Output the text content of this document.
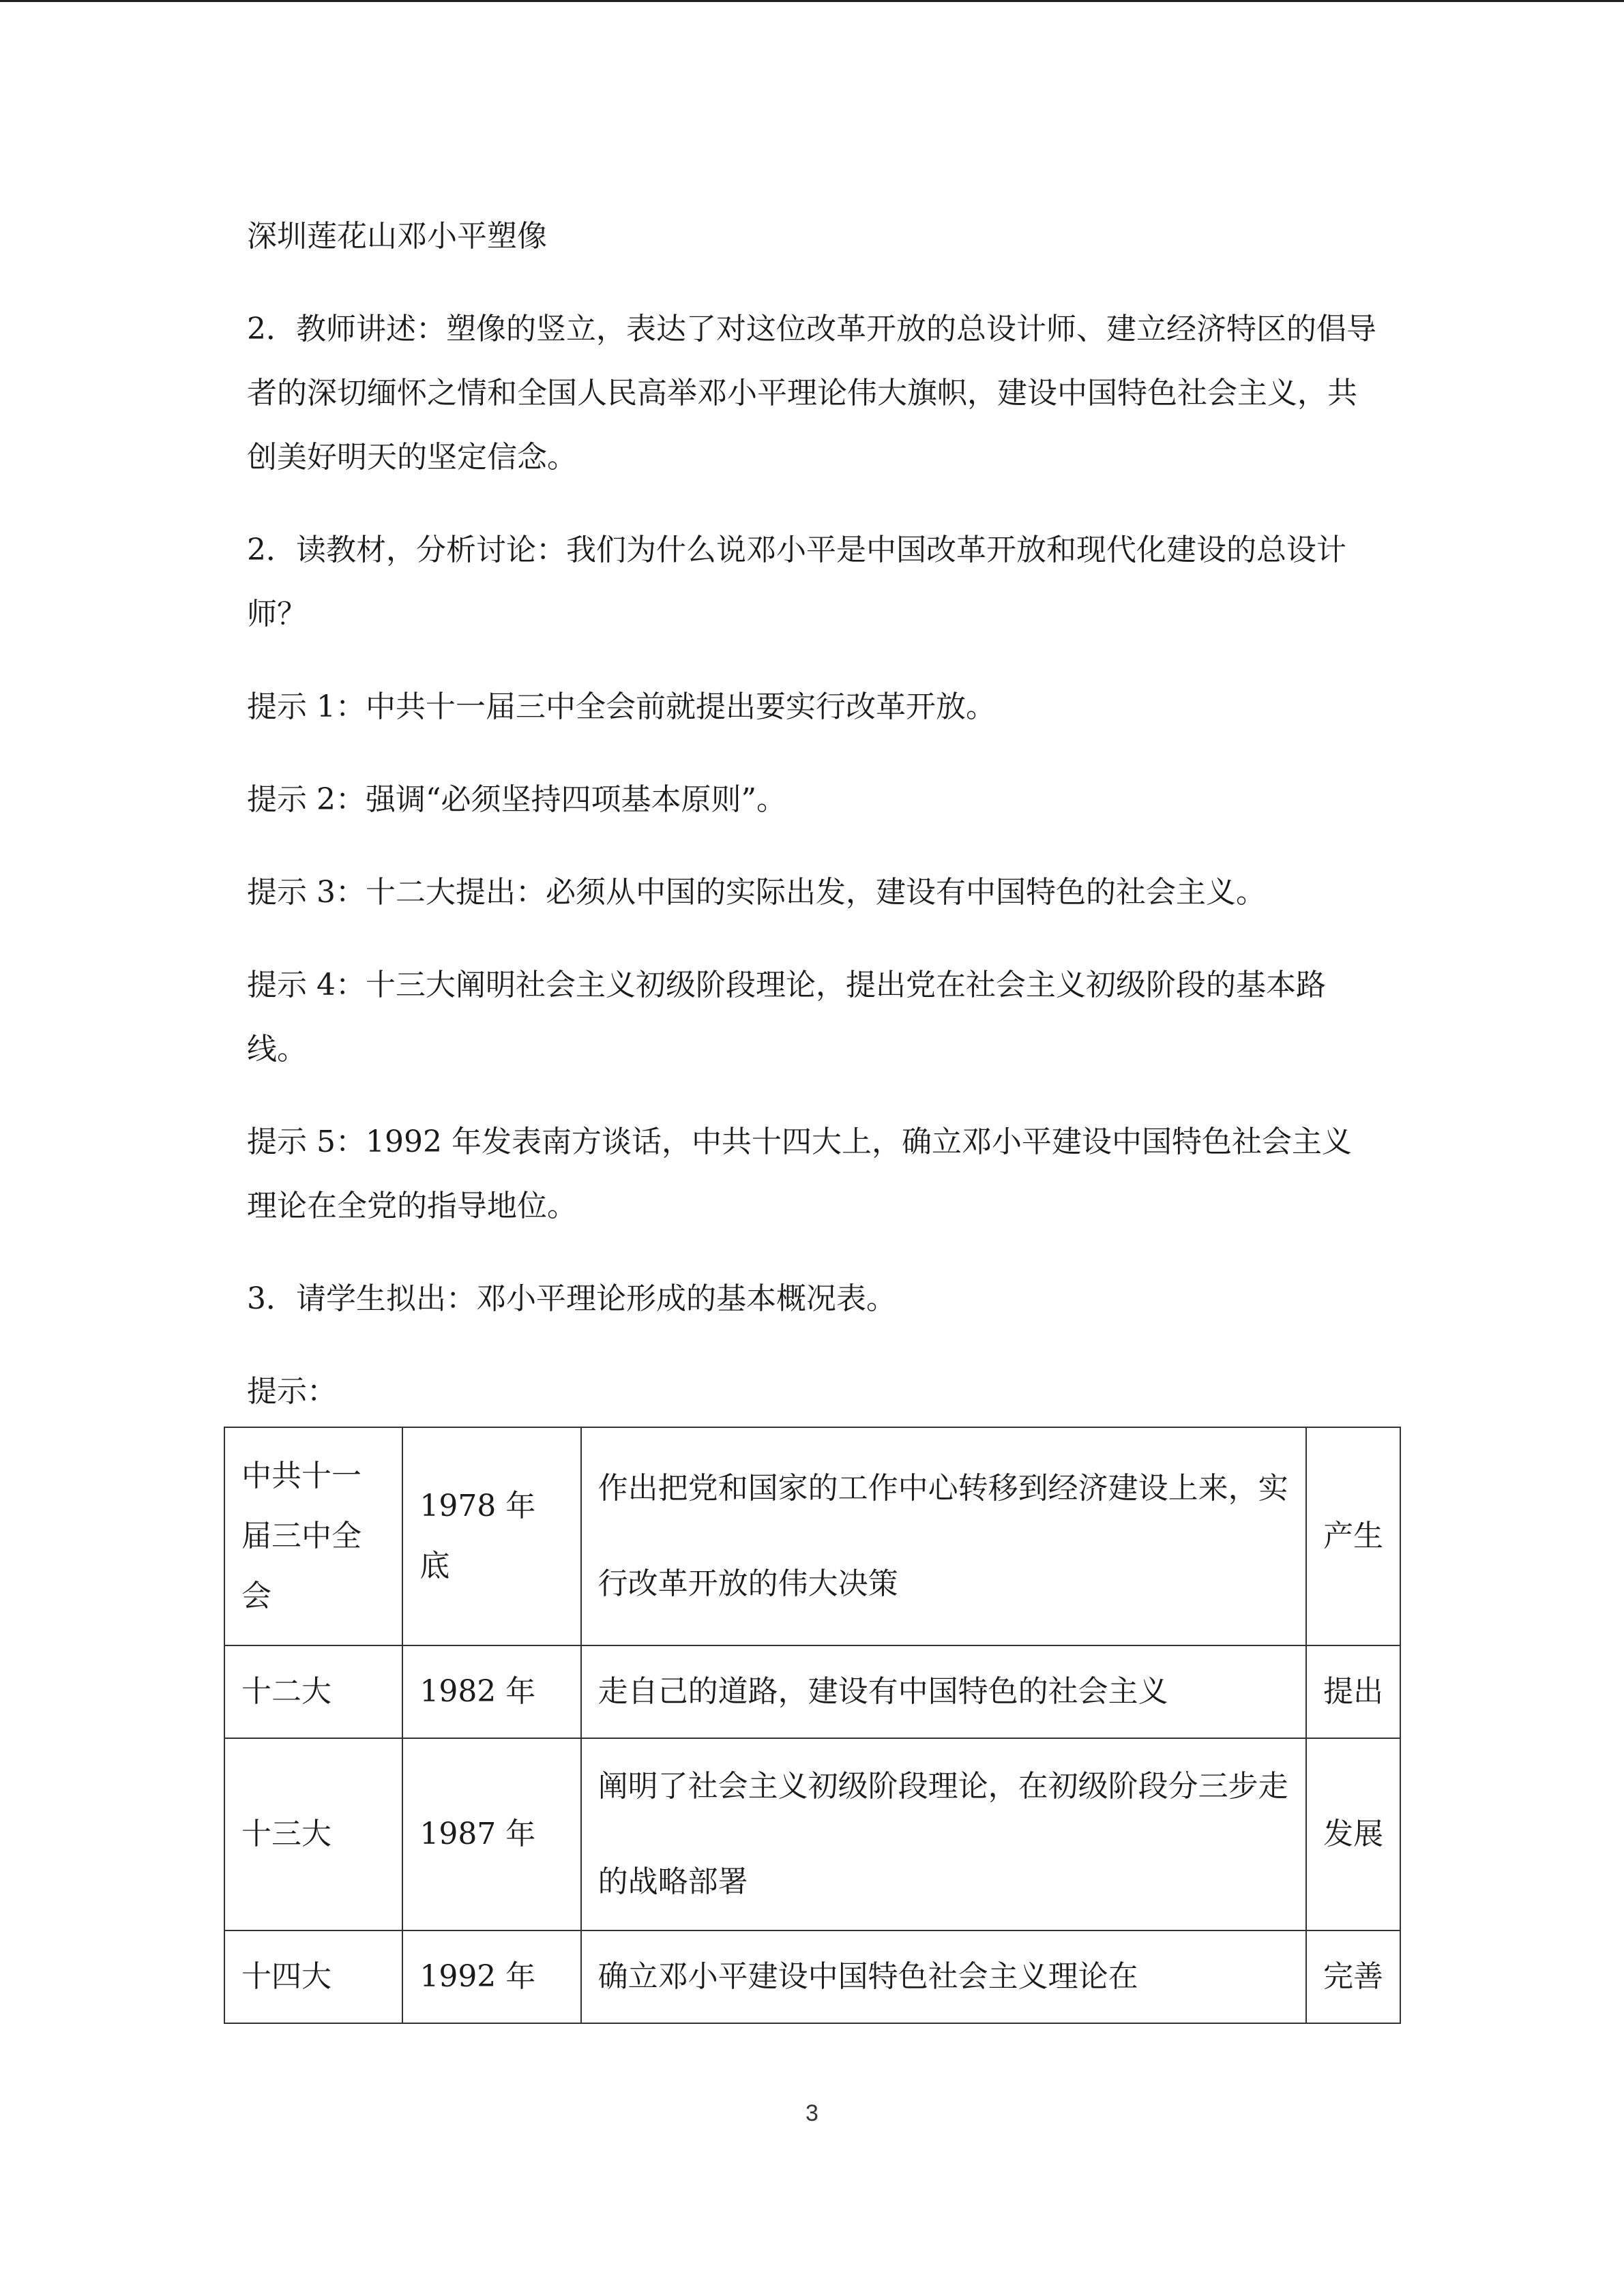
深圳莲花山邓小平塑像

2．教师讲述：塑像的竖立，表达了对这位改革开放的总设计师、建立经济特区的倡导者的深切缅怀之情和全国人民高举邓小平理论伟大旗帜，建设中国特色社会主义，共创美好明天的坚定信念。

2．读教材，分析讨论：我们为什么说邓小平是中国改革开放和现代化建设的总设计师？

提示 1：中共十一届三中全会前就提出要实行改革开放。

提示 2：强调“必须坚持四项基本原则”。

提示 3：十二大提出：必须从中国的实际出发，建设有中国特色的社会主义。

提示 4：十三大阐明社会主义初级阶段理论，提出党在社会主义初级阶段的基本路线。

提示 5：1992 年发表南方谈话，中共十四大上，确立邓小平建设中国特色社会主义理论在全党的指导地位。

3．请学生拟出：邓小平理论形成的基本概况表。

提示：

中共十一届三中全会	1978 年底	作出把党和国家的工作中心转移到经济建设上来，实行改革开放的伟大决策	产生
十二大	1982 年	走自己的道路，建设有中国特色的社会主义	提出
十三大	1987 年	阐明了社会主义初级阶段理论，在初级阶段分三步走的战略部署	发展
十四大	1992 年	确立邓小平建设中国特色社会主义理论在	完善
3
